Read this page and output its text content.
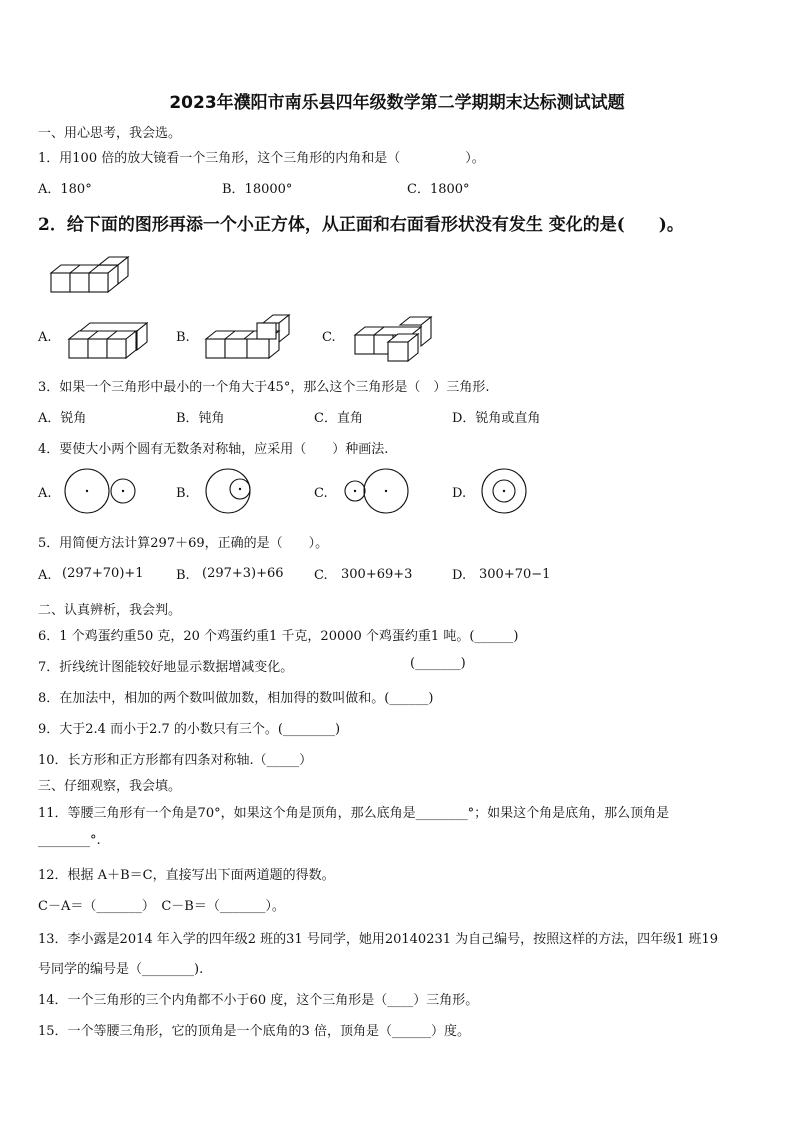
2023年濮阳市南乐县四年级数学第二学期期末达标测试试题
一、用心思考，我会选。
1．用100 倍的放大镜看一个三角形，这个三角形的内角和是（　　　　　）。
A．180°	B．18000°	C．1800°
2．给下面的图形再添一个小正方体，从正面和右面看形状没有发生 变化的是(　　)。
A.	B.	C.
3．如果一个三角形中最小的一个角大于45°，那么这个三角形是（　）三角形.
A．锐角	B．钝角	C．直角	D．锐角或直角
4．要使大小两个圆有无数条对称轴，应采用（　　）种画法.
A.	B.	C.	D.
5．用简便方法计算297＋69，正确的是（　　）。
A. (297+70)+1 B. (297+3)+66 C. 300+69+3	D. 300+70−1
二、认真辨析，我会判。
6．1 个鸡蛋约重50 克，20 个鸡蛋约重1 千克，20000 个鸡蛋约重1 吨。(______)
7．折线统计图能较好地显示数据增减变化。	(_______)
8．在加法中，相加的两个数叫做加数，相加得的数叫做和。(______)
9．大于2.4 而小于2.7 的小数只有三个。(________)
10．长方形和正方形都有四条对称轴.（_____）
三、仔细观察，我会填。
11．等腰三角形有一个角是70°，如果这个角是顶角，那么底角是________°；如果这个角是底角，那么顶角是
________°.
12．根据 A＋B＝C，直接写出下面两道题的得数。
C－A＝（_______）　C－B＝（_______）。
13．李小露是2014 年入学的四年级2 班的31 号同学，她用20140231 为自己编号，按照这样的方法，四年级1 班19
号同学的编号是（________).
14．一个三角形的三个内角都不小于60 度，这个三角形是（____）三角形。
15．一个等腰三角形，它的顶角是一个底角的3 倍，顶角是（______）度。
